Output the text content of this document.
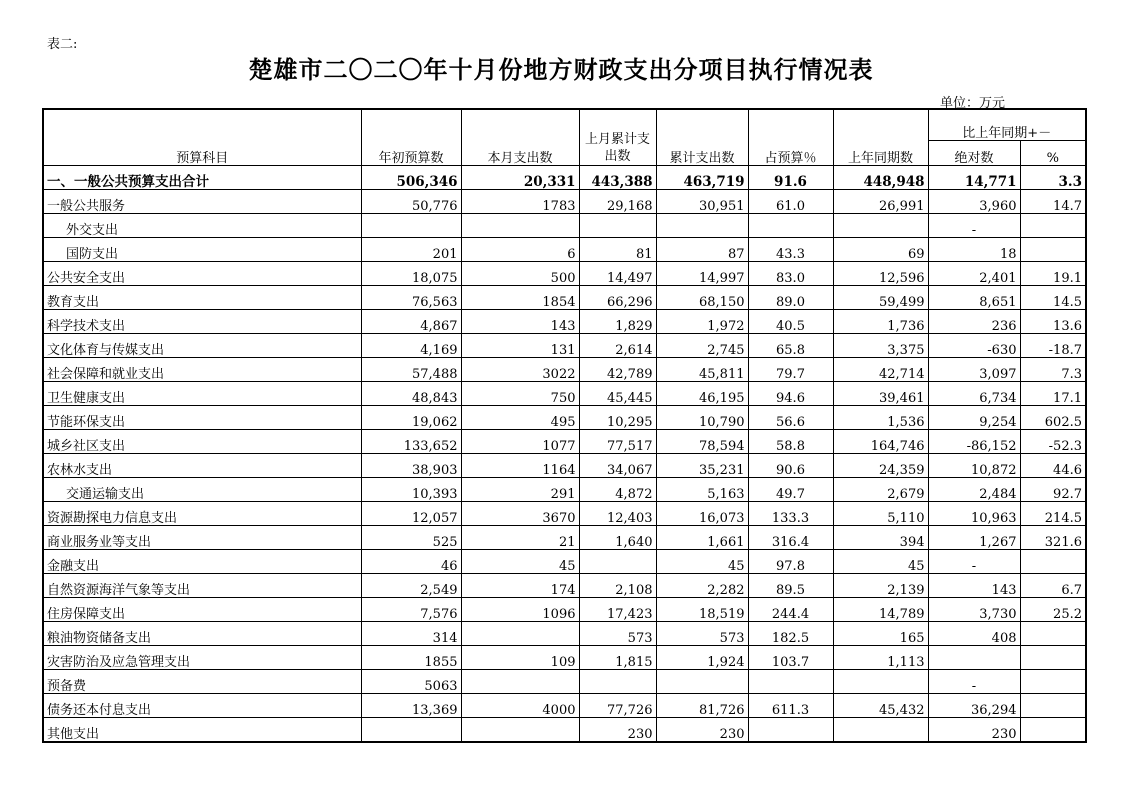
表二:
楚雄市二〇二〇年十月份地方财政支出分项目执行情况表
单位：万元
预算科目	年初预算数	本月支出数	上月累计支出数	累计支出数	占预算％	上年同期数	比上年同期+－	
							绝对数	%
一、一般公共预算支出合计	506,346	20,331	443,388	463,719	91.6	448,948	14,771	3.3
一般公共服务	50,776	1783	29,168	30,951	61.0	26,991	3,960	14.7
外交支出							-	
国防支出	201	6	81	87	43.3	69	18	
公共安全支出	18,075	500	14,497	14,997	83.0	12,596	2,401	19.1
教育支出	76,563	1854	66,296	68,150	89.0	59,499	8,651	14.5
科学技术支出	4,867	143	1,829	1,972	40.5	1,736	236	13.6
文化体育与传媒支出	4,169	131	2,614	2,745	65.8	3,375	-630	-18.7
社会保障和就业支出	57,488	3022	42,789	45,811	79.7	42,714	3,097	7.3
卫生健康支出	48,843	750	45,445	46,195	94.6	39,461	6,734	17.1
节能环保支出	19,062	495	10,295	10,790	56.6	1,536	9,254	602.5
城乡社区支出	133,652	1077	77,517	78,594	58.8	164,746	-86,152	-52.3
农林水支出	38,903	1164	34,067	35,231	90.6	24,359	10,872	44.6
交通运输支出	10,393	291	4,872	5,163	49.7	2,679	2,484	92.7
资源勘探电力信息支出	12,057	3670	12,403	16,073	133.3	5,110	10,963	214.5
商业服务业等支出	525	21	1,640	1,661	316.4	394	1,267	321.6
金融支出	46	45		45	97.8	45	-	
自然资源海洋气象等支出	2,549	174	2,108	2,282	89.5	2,139	143	6.7
住房保障支出	7,576	1096	17,423	18,519	244.4	14,789	3,730	25.2
粮油物资储备支出	314		573	573	182.5	165	408	
灾害防治及应急管理支出	1855	109	1,815	1,924	103.7	1,113		
预备费	5063						-	
债务还本付息支出	13,369	4000	77,726	81,726	611.3	45,432	36,294	
其他支出			230	230			230	
